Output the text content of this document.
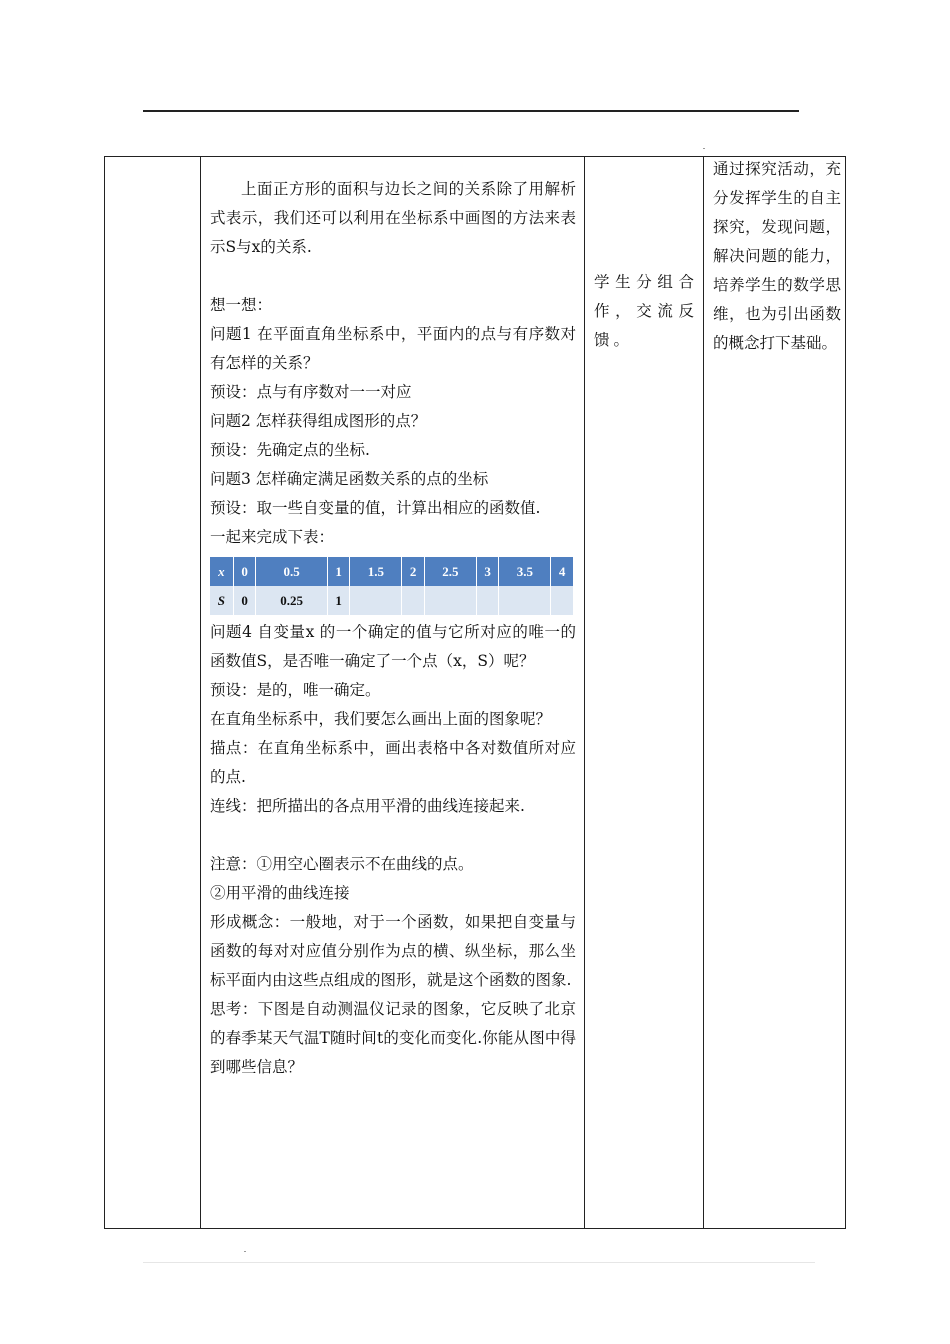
上面正方形的面积与边长之间的关系除了用解析式表示，我们还可以利用在坐标系中画图的方法来表示S与x的关系.

想一想：

问题1 在平面直角坐标系中，平面内的点与有序数对有怎样的关系？

预设：点与有序数对一一对应

问题2 怎样获得组成图形的点？

预设：先确定点的坐标.

问题3 怎样确定满足函数关系的点的坐标

预设：取一些自变量的值，计算出相应的函数值.

一起来完成下表：

x	0	0.5	1	1.5	2	2.5	3	3.5	4
S	0	0.25	1						

问题4 自变量x 的一个确定的值与它所对应的唯一的函数值S，是否唯一确定了一个点（x，S）呢？

预设：是的，唯一确定。

在直角坐标系中，我们要怎么画出上面的图象呢？

描点：在直角坐标系中，画出表格中各对数值所对应的点.

连线：把所描出的各点用平滑的曲线连接起来.

注意：①用空心圈表示不在曲线的点。

②用平滑的曲线连接

形成概念：一般地，对于一个函数，如果把自变量与函数的每对对应值分别作为点的横、纵坐标，那么坐标平面内由这些点组成的图形，就是这个函数的图象.

思考：下图是自动测温仪记录的图象，它反映了北京的春季某天气温T随时间t的变化而变化.你能从图中得到哪些信息？

学生分组合作，交流反馈。
通过探究活动，充分发挥学生的自主探究，发现问题，解决问题的能力，培养学生的数学思维，也为引出函数的概念打下基础。
